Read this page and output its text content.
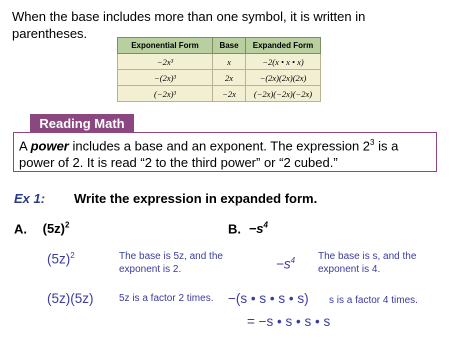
When the base includes more than one symbol, it is written in parentheses.
Exponential Form	Base	Expanded Form
−2x³	x	−2(x • x • x)
−(2x)³	2x	−(2x)(2x)(2x)
(−2x)³	−2x	(−2x)(−2x)(−2x)
Reading Math
A power includes a base and an exponent. The expression $2^3$ is a power of 2. It is read “2 to the third power” or “2 cubed.”
Ex 1: Write the expression in expanded form.
A. $(5z)^2$
$(5z)^2$	The base is 5z, and the exponent is 2.
(5z)(5z)	5z is a factor 2 times.
B. $-s^4$
$-s^4$ The base is s, and the exponent is 4.
−(s • s • s • s) s is a factor 4 times.
= −s • s • s • s
